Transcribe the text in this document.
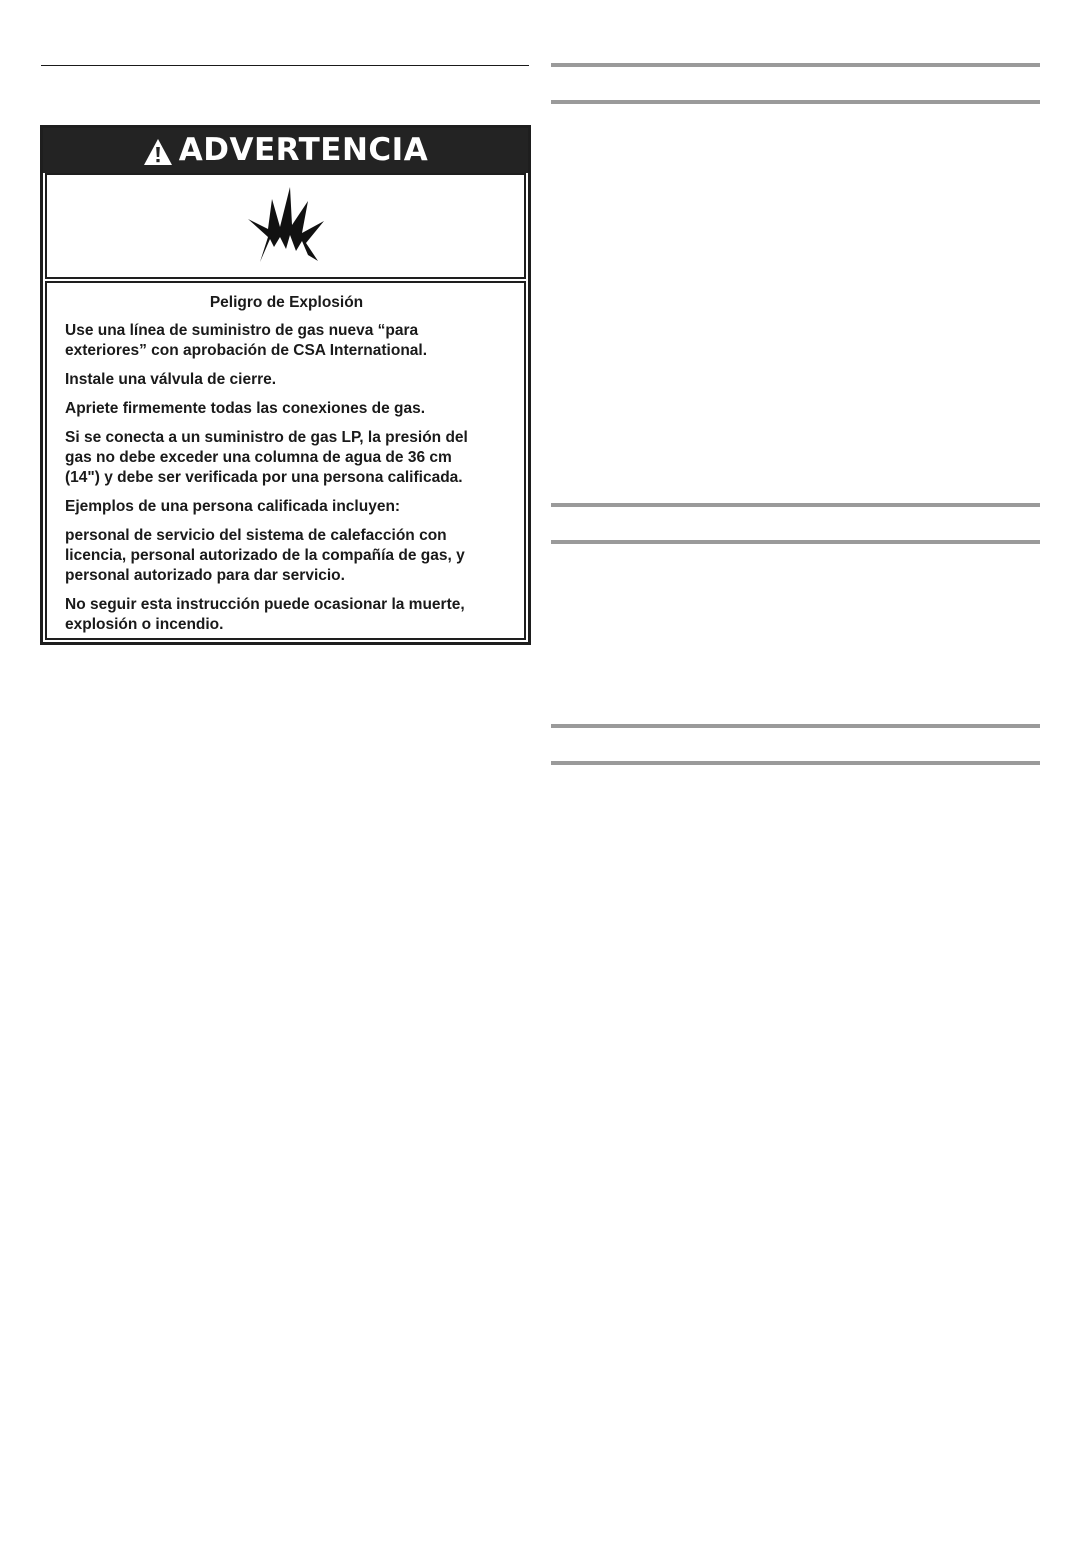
ADVERTENCIA

Peligro de Explosión

Use una línea de suministro de gas nueva “para
exteriores” con aprobación de CSA International.

Instale una válvula de cierre.

Apriete firmemente todas las conexiones de gas.

Si se conecta a un suministro de gas LP, la presión del
gas no debe exceder una columna de agua de 36 cm
(14") y debe ser verificada por una persona calificada.

Ejemplos de una persona calificada incluyen:

personal de servicio del sistema de calefacción con
licencia, personal autorizado de la compañía de gas, y
personal autorizado para dar servicio.

No seguir esta instrucción puede ocasionar la muerte,
explosión o incendio.
